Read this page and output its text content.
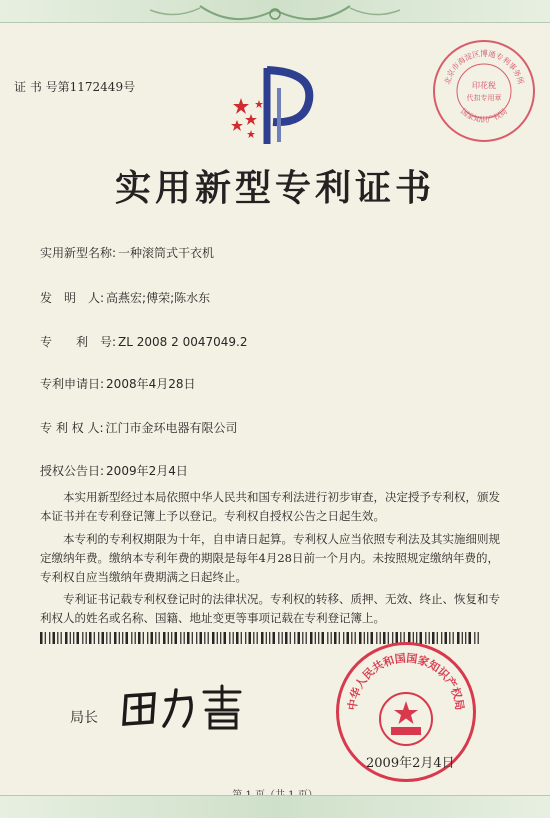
证 书 号第1172449号	北京市海淀区博通专利事务所
国家知识产权局
印花税
代扣专用章
实用新型专利证书
实用新型名称: 一种滚筒式干衣机
发　明　人: 高燕宏;傅荣;陈水东
专　　利　号: ZL 2008 2 0047049.2
专利申请日: 2008年4月28日
专 利 权 人: 江门市金环电器有限公司
授权公告日: 2009年2月4日

本实用新型经过本局依照中华人民共和国专利法进行初步审查，决定授予专利权，颁发本证书并在专利登记簿上予以登记。专利权自授权公告之日起生效。

本专利的专利权期限为十年，自申请日起算。专利权人应当依照专利法及其实施细则规定缴纳年费。缴纳本专利年费的期限是每年4月28日前一个月内。未按照规定缴纳年费的，专利权自应当缴纳年费期满之日起终止。

专利证书记载专利权登记时的法律状况。专利权的转移、质押、无效、终止、恢复和专利权人的姓名或名称、国籍、地址变更等事项记载在专利登记簿上。

中华人民共和国国家知识产权局
局长
2009年2月4日
